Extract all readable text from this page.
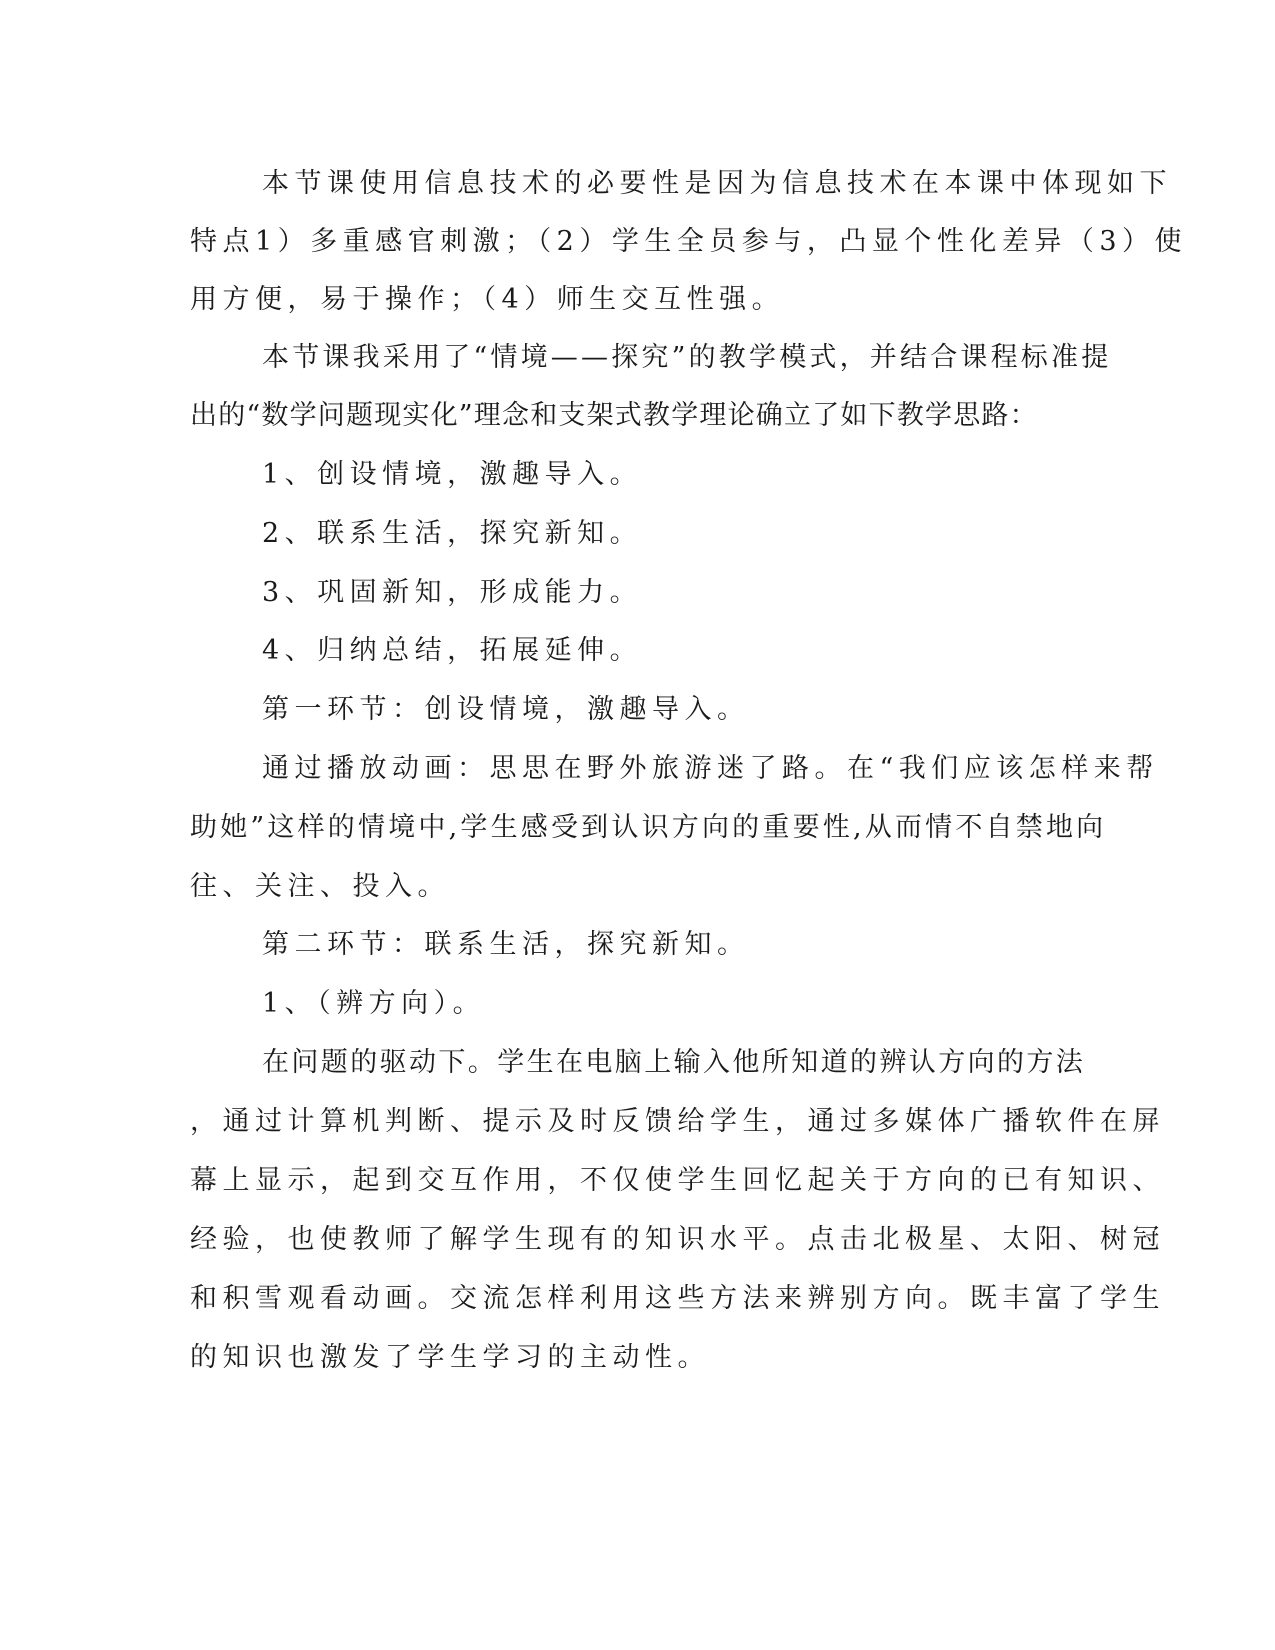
本节课使用信息技术的必要性是因为信息技术在本课中体现如下

特点1）多重感官刺激；（2）学生全员参与，凸显个性化差异（3）使

用方便，易于操作；（4）师生交互性强。

本节课我采用了“情境——探究”的教学模式，并结合课程标准提

出的“数学问题现实化”理念和支架式教学理论确立了如下教学思路：

1、创设情境，激趣导入。

2、联系生活，探究新知。

3、巩固新知，形成能力。

4、归纳总结，拓展延伸。

第一环节：创设情境，激趣导入。

通过播放动画：思思在野外旅游迷了路。在“我们应该怎样来帮

助她”这样的情境中,学生感受到认识方向的重要性,从而情不自禁地向

往、关注、投入。

第二环节：联系生活，探究新知。

1、（辨方向）。

在问题的驱动下。学生在电脑上输入他所知道的辨认方向的方法

，通过计算机判断、提示及时反馈给学生，通过多媒体广播软件在屏

幕上显示，起到交互作用，不仅使学生回忆起关于方向的已有知识、

经验，也使教师了解学生现有的知识水平。点击北极星、太阳、树冠

和积雪观看动画。交流怎样利用这些方法来辨别方向。既丰富了学生

的知识也激发了学生学习的主动性。
